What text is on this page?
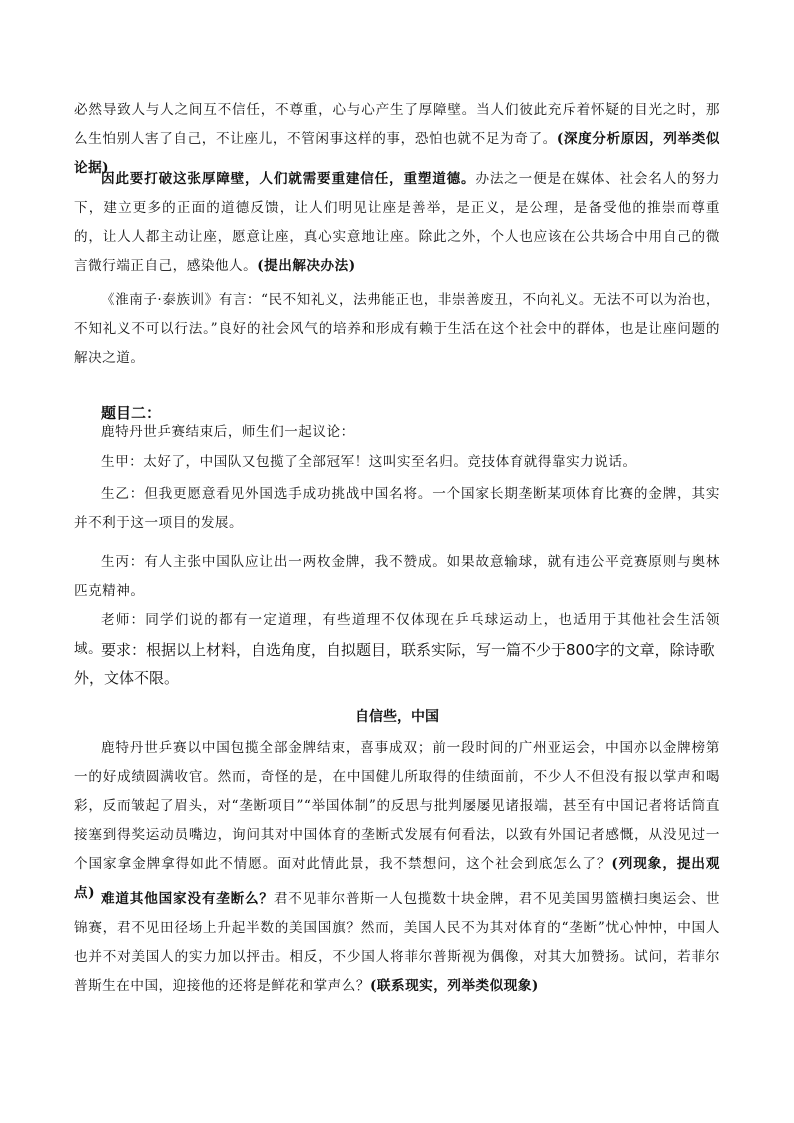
必然导致人与人之间互不信任，不尊重，心与心产生了厚障壁。当人们彼此充斥着怀疑的目光之时，那么生怕别人害了自己，不让座儿，不管闲事这样的事，恐怕也就不足为奇了。(深度分析原因，列举类似论据)

因此要打破这张厚障壁，人们就需要重建信任，重塑道德。办法之一便是在媒体、社会名人的努力下，建立更多的正面的道德反馈，让人们明见让座是善举，是正义，是公理，是备受他的推崇而尊重的，让人人都主动让座，愿意让座，真心实意地让座。除此之外，个人也应该在公共场合中用自己的微言微行端正自己，感染他人。(提出解决办法)

《淮南子·泰族训》有言：“民不知礼义，法弗能正也，非崇善废丑，不向礼义。无法不可以为治也，不知礼义不可以行法。”良好的社会风气的培养和形成有赖于生活在这个社会中的群体，也是让座问题的解决之道。

题目二：

鹿特丹世乒赛结束后，师生们一起议论：

生甲：太好了，中国队又包揽了全部冠军！这叫实至名归。竞技体育就得靠实力说话。

生乙：但我更愿意看见外国选手成功挑战中国名将。一个国家长期垄断某项体育比赛的金牌，其实并不利于这一项目的发展。

生丙：有人主张中国队应让出一两枚金牌，我不赞成。如果故意输球，就有违公平竞赛原则与奥林匹克精神。

老师：同学们说的都有一定道理，有些道理不仅体现在乒乓球运动上，也适用于其他社会生活领域。

要求：根据以上材料，自选角度，自拟题目，联系实际，写一篇不少于800字的文章，除诗歌外，文体不限。

自信些，中国

鹿特丹世乒赛以中国包揽全部金牌结束，喜事成双；前一段时间的广州亚运会，中国亦以金牌榜第一的好成绩圆满收官。然而，奇怪的是，在中国健儿所取得的佳绩面前，不少人不但没有报以掌声和喝彩，反而皱起了眉头，对“垄断项目”“举国体制”的反思与批判屡屡见诸报端，甚至有中国记者将话筒直接塞到得奖运动员嘴边，询问其对中国体育的垄断式发展有何看法，以致有外国记者感慨，从没见过一个国家拿金牌拿得如此不情愿。面对此情此景，我不禁想问，这个社会到底怎么了？(列现象，提出观点) 难道其他国家没有垄断么？君不见菲尔普斯一人包揽数十块金牌，君不见美国男篮横扫奥运会、世锦赛，君不见田径场上升起半数的美国国旗？然而，美国人民不为其对体育的“垄断”忧心忡忡，中国人也并不对美国人的实力加以抨击。相反，不少国人将菲尔普斯视为偶像，对其大加赞扬。试问，若菲尔普斯生在中国，迎接他的还将是鲜花和掌声么？(联系现实，列举类似现象)
